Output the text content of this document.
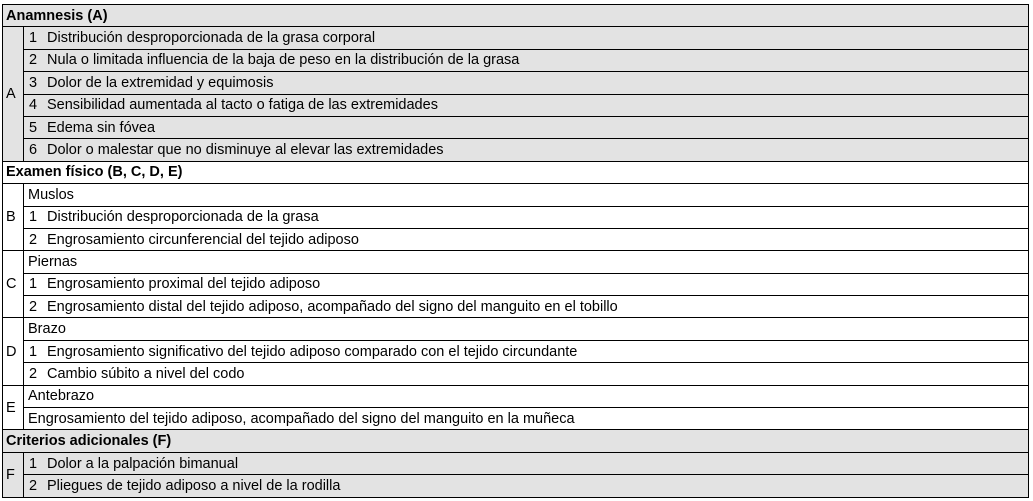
Anamnesis (A)	
A	1 Distribución desproporcionada de la grasa corporal
	2 Nula o limitada influencia de la baja de peso en la distribución de la grasa
	3 Dolor de la extremidad y equimosis
	4 Sensibilidad aumentada al tacto o fatiga de las extremidades
	5 Edema sin fóvea
	6 Dolor o malestar que no disminuye al elevar las extremidades
Examen físico (B, C, D, E)	
B	Muslos
	1 Distribución desproporcionada de la grasa
	2 Engrosamiento circunferencial del tejido adiposo
C	Piernas
	1 Engrosamiento proximal del tejido adiposo
	2 Engrosamiento distal del tejido adiposo, acompañado del signo del manguito en el tobillo
D	Brazo
	1 Engrosamiento significativo del tejido adiposo comparado con el tejido circundante
	2 Cambio súbito a nivel del codo
E	Antebrazo
	Engrosamiento del tejido adiposo, acompañado del signo del manguito en la muñeca
Criterios adicionales (F)	
F	1 Dolor a la palpación bimanual
	2 Pliegues de tejido adiposo a nivel de la rodilla
